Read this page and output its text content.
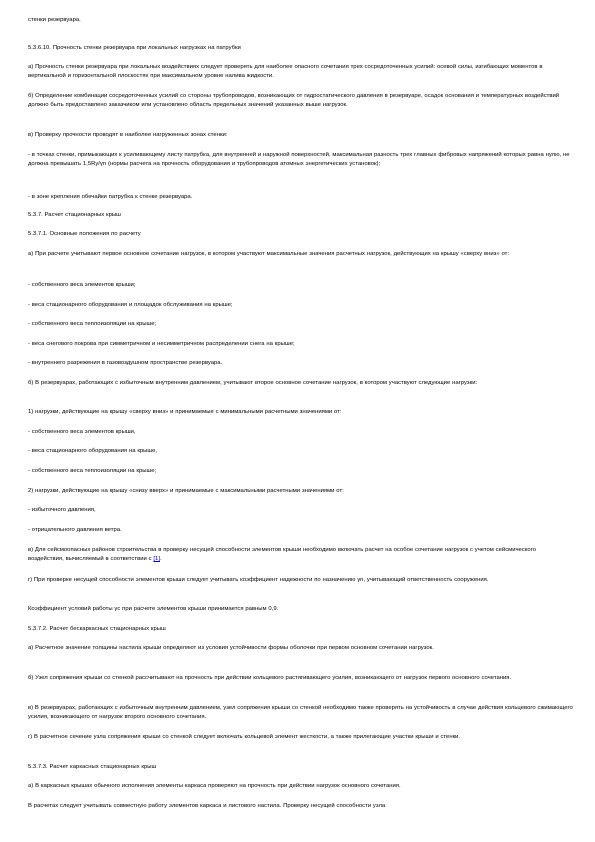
стенки резервуара.

5.3.6.10. Прочность стенки резервуара при локальных нагрузках на патрубки

а) Прочность стенки резервуара при локальных воздействиях следует проверять для наиболее опасного сочетания трех сосредоточенных усилий: осевой силы, изгибающих моментов в вертикальной и горизонтальной плоскостях при максимальном уровне налива жидкости.

б) Определение комбинации сосредоточенных усилий со стороны трубопроводов, возникающих от гидростатического давления в резервуаре, осадок основания и температурных воздействий должно быть предоставлено заказчиком или установлено область предельных значений указанных выше нагрузок.

в) Проверку прочности проводят в наиболее нагруженных зонах стенки:

- в точках стенки, примыкающих к усиливающему листу патрубка, для внутренней и наружной поверхностей, максимальная разность трех главных фибровых напряжений которых равна нулю, не должна превышать 1,5Ry/γn (нормы расчета на прочность оборудования и трубопроводов атомных энергетических установок);

- в зоне крепления обечайки патрубка к стенке резервуара.

5.3.7. Расчет стационарных крыш

5.3.7.1. Основные положения по расчету

а) При расчете учитывают первое основное сочетание нагрузок, в котором участвуют максимальные значения расчетных нагрузок, действующих на крышу «сверху вниз» от:

- собственного веса элементов крыши;

- веса стационарного оборудования и площадок обслуживания на крыше;

- собственного веса теплоизоляции на крыше;

- веса снегового покрова при симметричном и несимметричном распределении снега на крыше;

- внутреннего разрежения в газовоздушном пространстве резервуара.

б) В резервуарах, работающих с избыточным внутренним давлением, учитывают второе основное сочетание нагрузок, в котором участвуют следующие нагрузки:

1) нагрузки, действующие на крышу «сверху вниз» и принимаемые с минимальными расчетными значениями от:

- собственного веса элементов крыши,

- веса стационарного оборудования на крыше,

- собственного веса теплоизоляции на крыше;

2) нагрузки, действующие на крышу «снизу вверх» и принимаемые с максимальными расчетными значениями от:

- избыточного давления,

- отрицательного давления ветра.

в) Для сейсмоопасных районов строительства в проверку несущей способности элементов крыши необходимо включать расчет на особое сочетание нагрузок с учетом сейсмического воздействия, вычисляемый в соответствии с [1].

г) При проверке несущей способности элементов крыши следует учитывать коэффициент надежности по назначению γn, учитывающий ответственность сооружения.

Коэффициент условий работы γc при расчете элементов крыши принимается равным 0,9.

5.3.7.2. Расчет бескаркасных стационарных крыш

а) Расчетное значение толщины настила крыши определяют из условия устойчивости формы оболочки при первом основном сочетании нагрузок.

б) Узел сопряжения крыши со стенкой рассчитывают на прочность при действии кольцевого растягивающего усилия, возникающего от нагрузок первого основного сочетания.

в) В резервуарах, работающих с избыточным внутренним давлением, узел сопряжения крыши со стенкой необходимо также проверять на устойчивость в случае действия кольцевого сжимающего усилия, возникающего от нагрузок второго основного сочетания.

г) В расчетное сечение узла сопряжения крыши со стенкой следует включать кольцевой элемент жесткости, а также прилегающие участки крыши и стенки.

5.3.7.3. Расчет каркасных стационарных крыш

а) В каркасных крышах обычного исполнения элементы каркаса проверяют на прочность при действии нагрузок основного сочетания.

В расчетах следует учитывать совместную работу элементов каркаса и листового настила. Проверку несущей способности узла
